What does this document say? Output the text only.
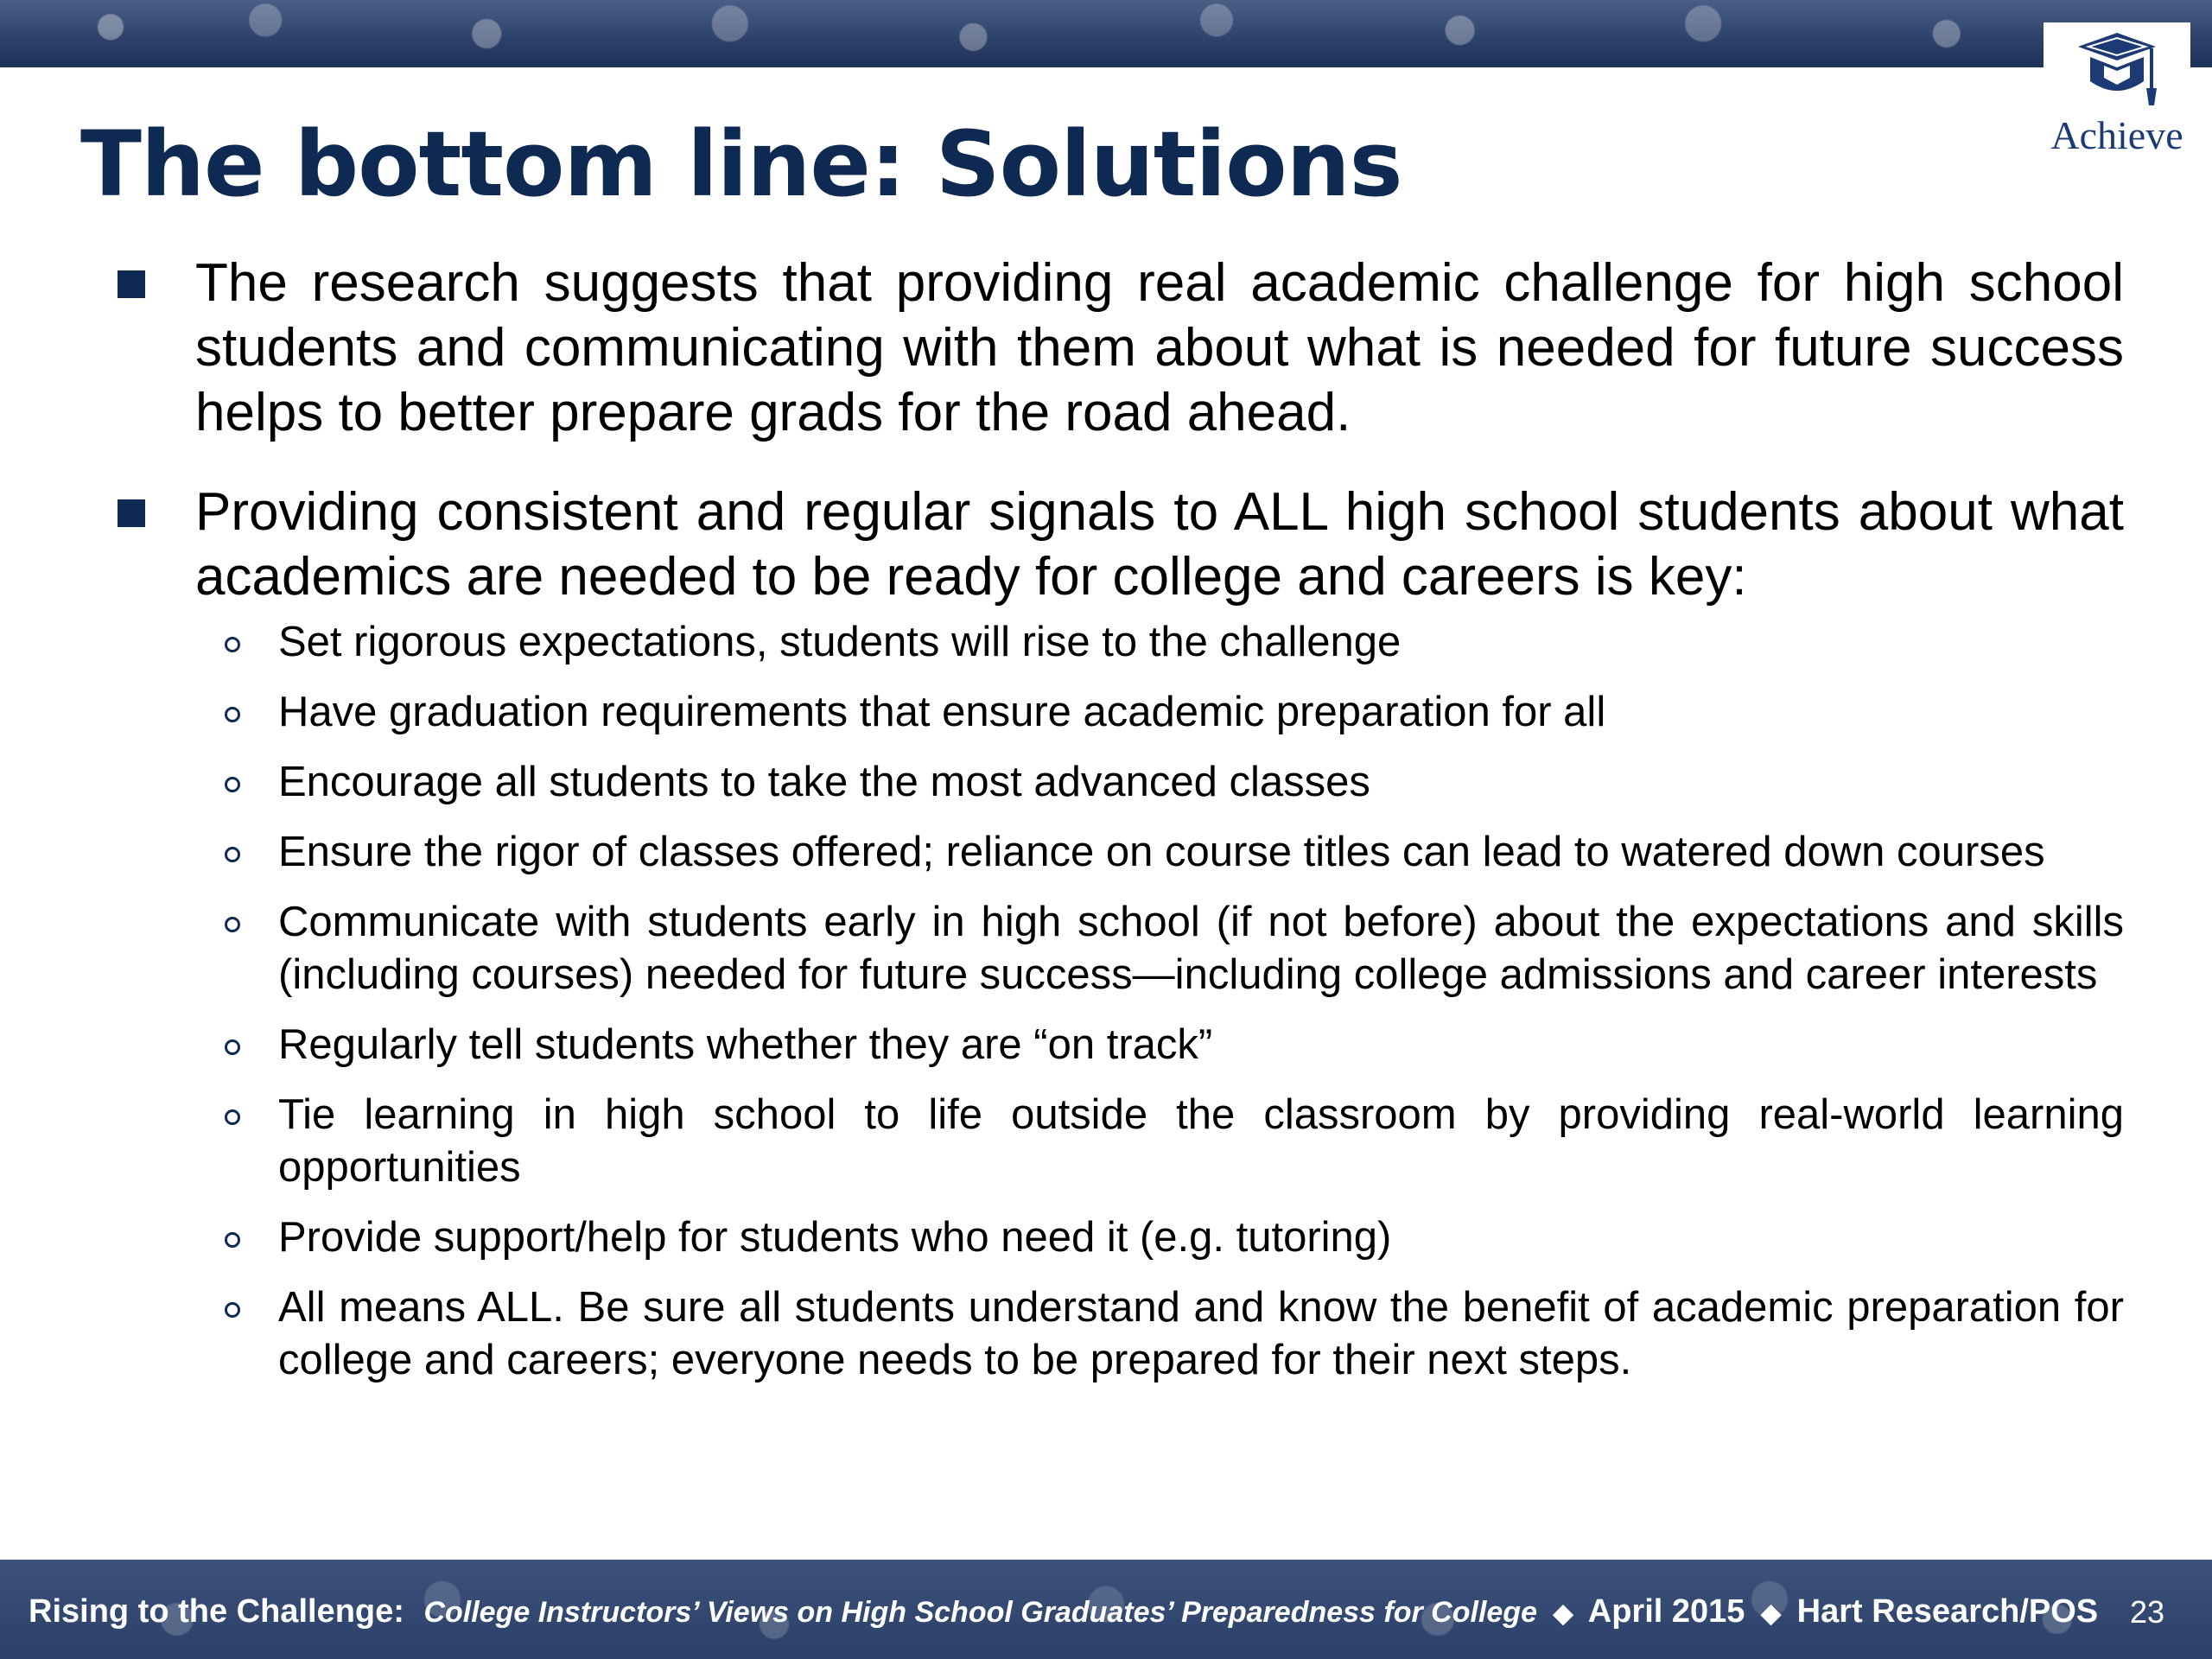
Achieve
The bottom line: Solutions
The research suggests that providing real academic challenge for high school students and communicating with them about what is needed for future success helps to better prepare grads for the road ahead.
Providing consistent and regular signals to ALL high school students about what academics are needed to be ready for college and careers is key:
Set rigorous expectations, students will rise to the challenge
Have graduation requirements that ensure academic preparation for all
Encourage all students to take the most advanced classes
Ensure the rigor of classes offered; reliance on course titles can lead to watered down courses
Communicate with students early in high school (if not before) about the expectations and skills (including courses) needed for future success—including college admissions and career interests
Regularly tell students whether they are “on track”
Tie learning in high school to life outside the classroom by providing real-world learning opportunities
Provide support/help for students who need it (e.g. tutoring)
All means ALL. Be sure all students understand and know the benefit of academic preparation for college and careers; everyone needs to be prepared for their next steps.
Rising to the Challenge: College Instructors’ Views on High School Graduates’ Preparedness for College ◆ April 2015 ◆ Hart Research/POS 23
